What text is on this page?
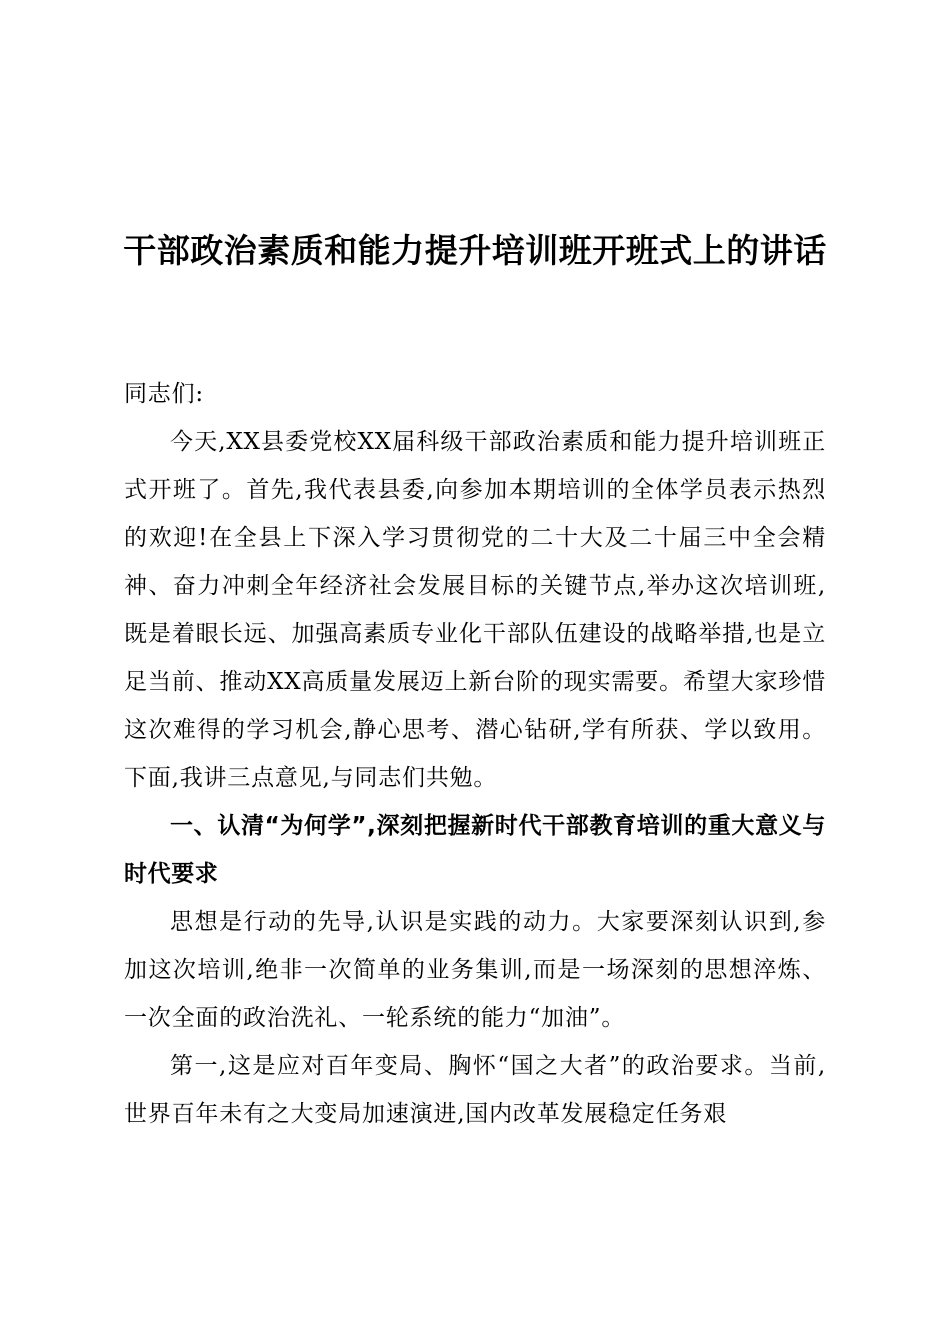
干部政治素质和能力提升培训班开班式上的讲话

同志们:

今天,XX县委党校XX届科级干部政治素质和能力提升培训班正式开班了。首先,我代表县委,向参加本期培训的全体学员表示热烈的欢迎!在全县上下深入学习贯彻党的二十大及二十届三中全会精神、奋力冲刺全年经济社会发展目标的关键节点,举办这次培训班,既是着眼长远、加强高素质专业化干部队伍建设的战略举措,也是立足当前、推动XX高质量发展迈上新台阶的现实需要。希望大家珍惜这次难得的学习机会,静心思考、潜心钻研,学有所获、学以致用。下面,我讲三点意见,与同志们共勉。

一、认清“为何学”,深刻把握新时代干部教育培训的重大意义与时代要求

思想是行动的先导,认识是实践的动力。大家要深刻认识到,参加这次培训,绝非一次简单的业务集训,而是一场深刻的思想淬炼、一次全面的政治洗礼、一轮系统的能力“加油”。

第一,这是应对百年变局、胸怀“国之大者”的政治要求。当前,世界百年未有之大变局加速演进,国内改革发展稳定任务艰
